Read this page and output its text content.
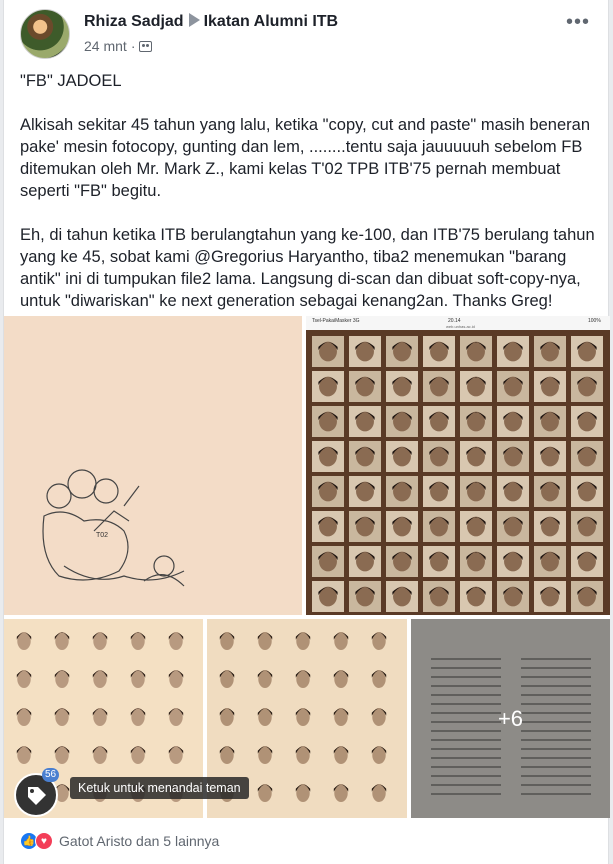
Rhiza Sadjad Ikatan Alumni ITB
24 mnt ·
•••

"FB" JADOEL

Alkisah sekitar 45 tahun yang lalu, ketika "copy, cut and paste" masih beneran pake' mesin fotocopy, gunting dan lem, ........tentu saja jauuuuuh sebelom FB ditemukan oleh Mr. Mark Z., kami kelas T'02 TPB ITB'75 pernah membuat seperti "FB" begitu.

Eh, di tahun ketika ITB berulangtahun yang ke-100, dan ITB'75 berulang tahun yang ke 45, sobat kami @Gregorius Haryantho, tiba2 menemukan "barang antik" ini di tumpukan file2 lama. Langsung di-scan dan dibuat soft-copy-nya, untuk "diwariskan" ke next generation sebagai kenang2an. Thanks Greg!

T02
Tsel-PakaiMasker 3G	20.14	100%
web.unhas.ac.id
+6
56
Ketuk untuk menandai teman
👍 ♥ Gatot Aristo dan 5 lainnya
